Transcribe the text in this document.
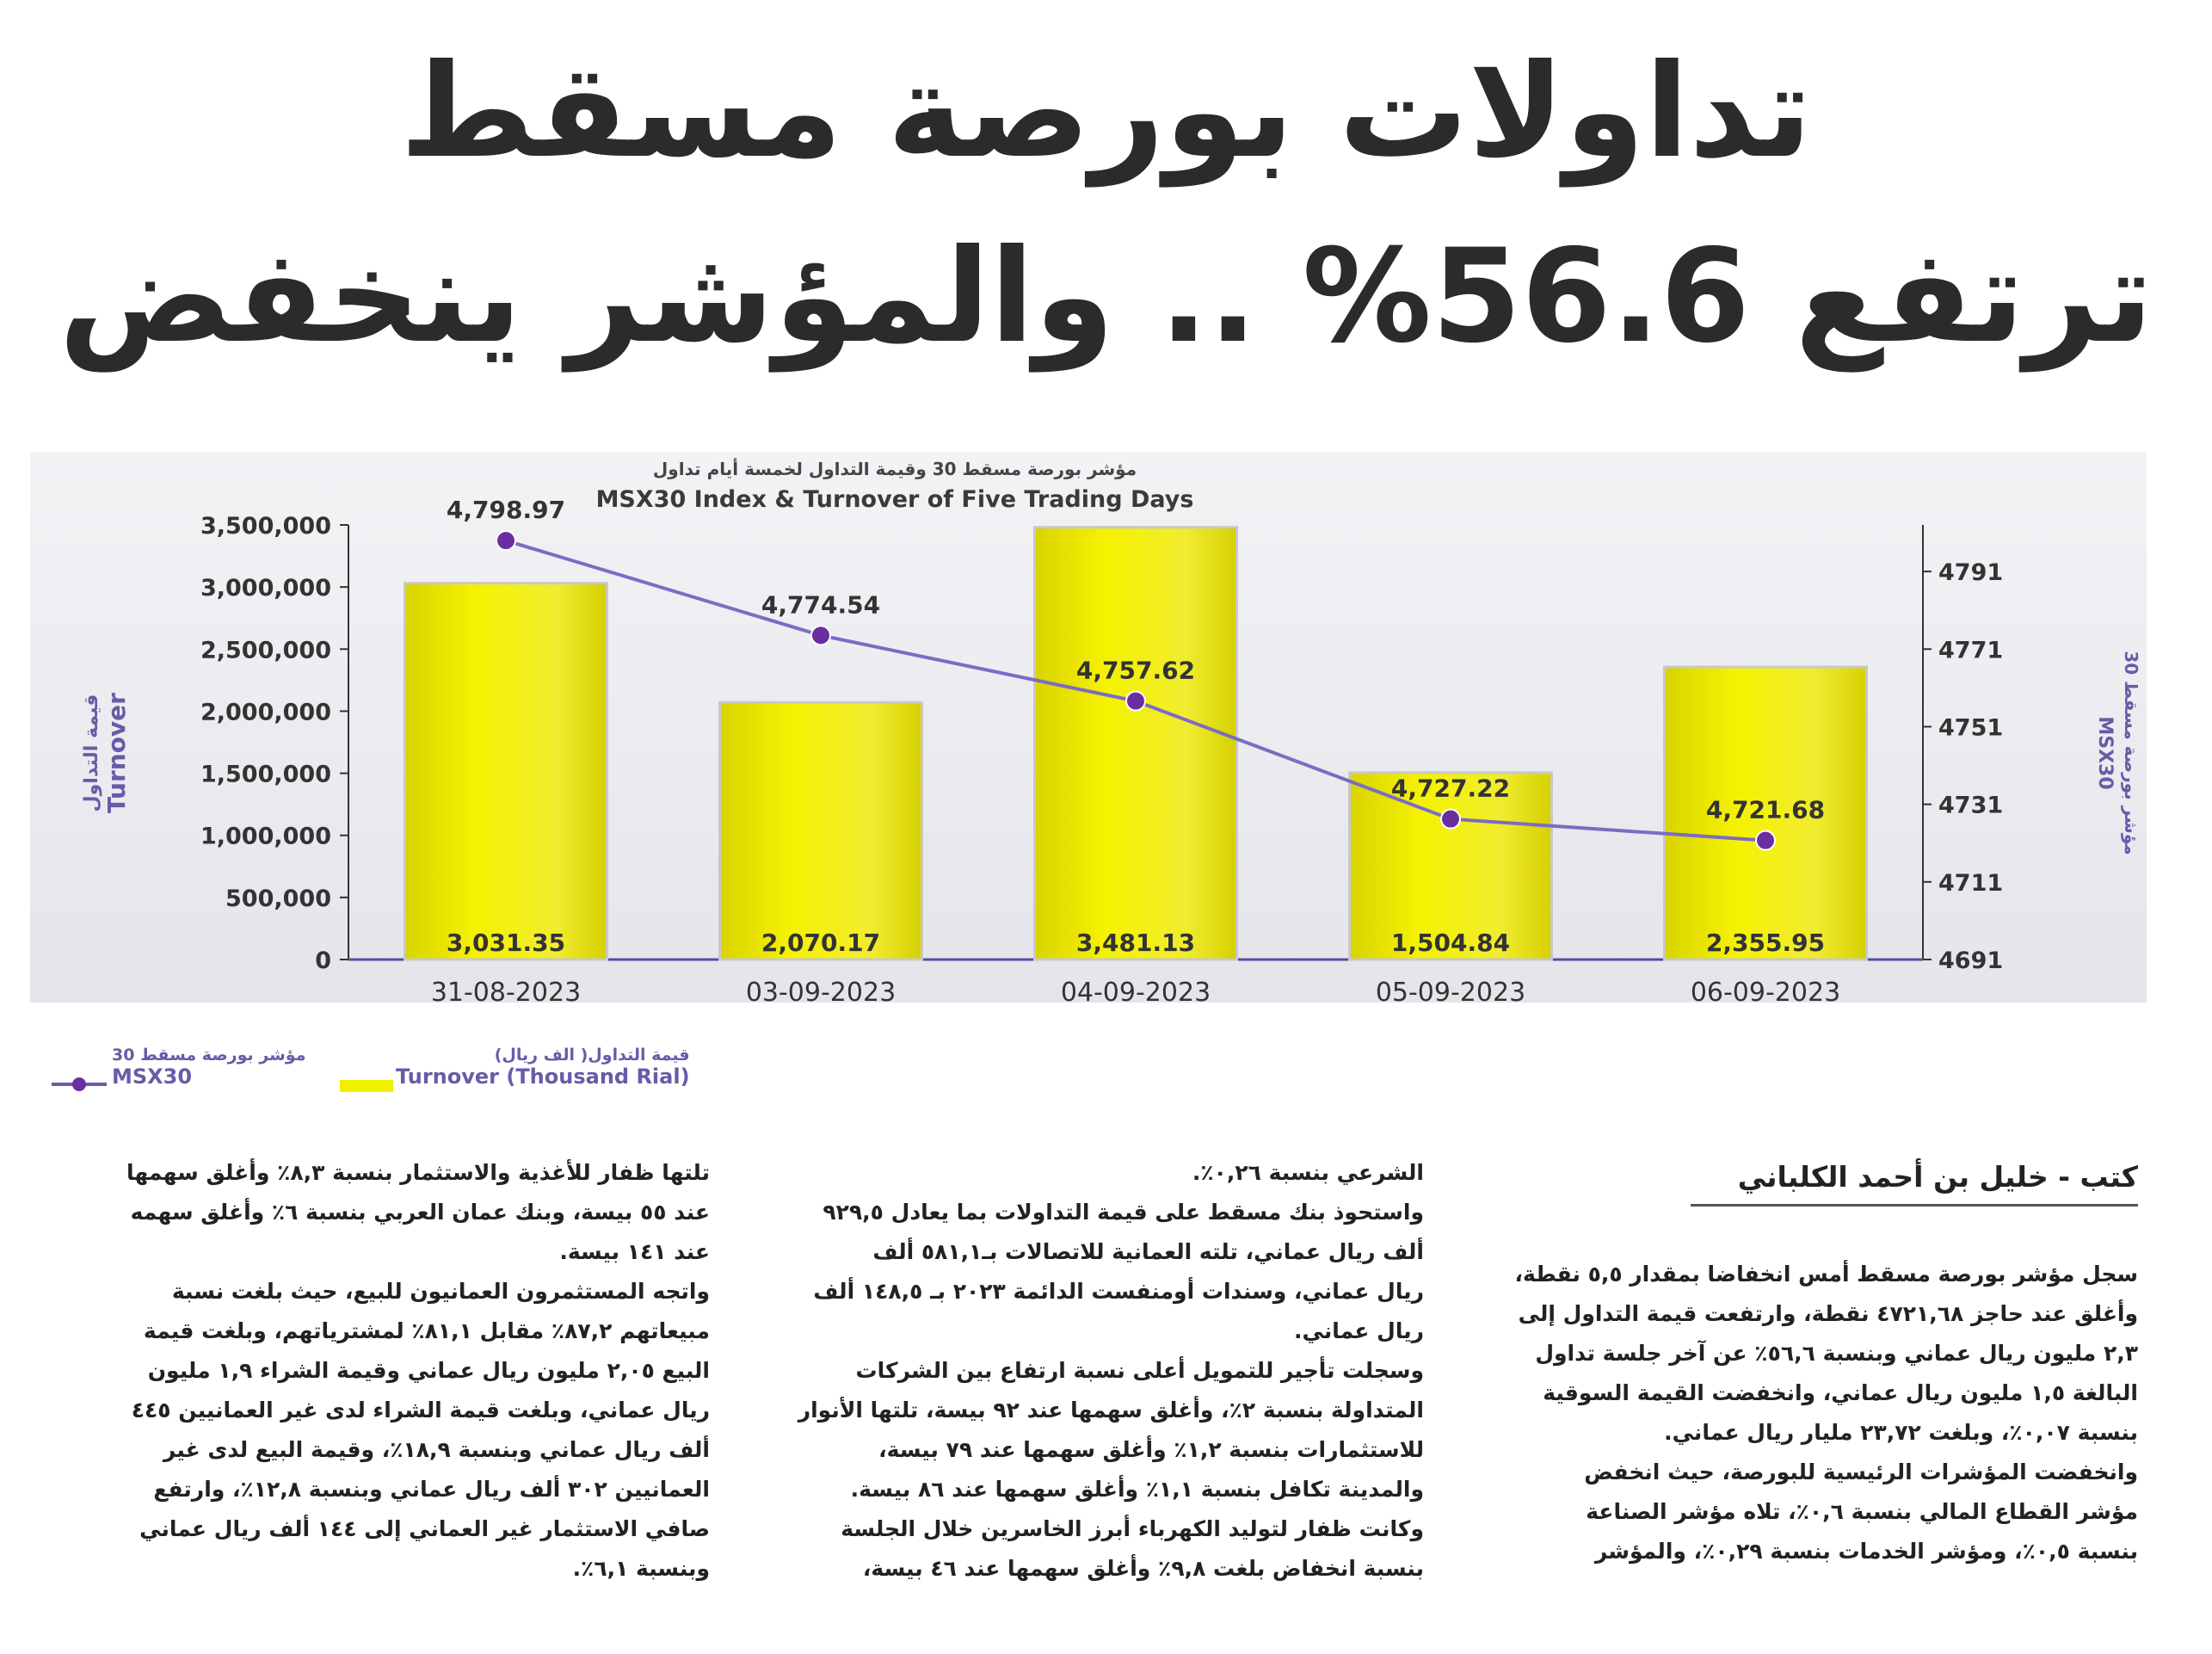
تداولات بورصة مسقط
ترتفع 56.6% .. والمؤشر ينخفض
مؤشر بورصة مسقط 30 وقيمة التداول لخمسة أيام تداول
MSX30 Index & Turnover of Five Trading Days
0
500,000
1,000,000
1,500,000
2,000,000
2,500,000
3,000,000
3,500,000
4691
4711
4731
4751
4771
4791
3,031.35
31-08-2023
2,070.17
03-09-2023
3,481.13
04-09-2023
1,504.84
05-09-2023
2,355.95
06-09-2023
4,798.97
4,774.54
4,757.62
4,727.22
4,721.68
Turnover
قيمة التداول	MSX30
مؤشر بورصة مسقط 30
مؤشر بورصة مسقط 30
MSX30
قيمة التداول( الف ريال)
Turnover (Thousand Rial)
كتب - خليل بن أحمد الكلباني

سجل مؤشر بورصة مسقط أمس انخفاضا بمقدار ٥,٥ نقطة،

وأغلق عند حاجز ٤٧٢١,٦٨ نقطة، وارتفعت قيمة التداول إلى

٢,٣ مليون ريال عماني وبنسبة ٥٦,٦٪ عن آخر جلسة تداول

البالغة ١,٥ مليون ريال عماني، وانخفضت القيمة السوقية

بنسبة ٠,٠٧٪، وبلغت ٢٣,٧٢ مليار ريال عماني.

وانخفضت المؤشرات الرئيسية للبورصة، حيث انخفض

مؤشر القطاع المالي بنسبة ٠,٦٪، تلاه مؤشر الصناعة

بنسبة ٠,٥٪، ومؤشر الخدمات بنسبة ٠,٢٩٪، والمؤشر

الشرعي بنسبة ٠,٢٦٪.

واستحوذ بنك مسقط على قيمة التداولات بما يعادل ٩٢٩,٥

ألف ريال عماني، تلته العمانية للاتصالات بـ٥٨١,١ ألف

ريال عماني، وسندات أومنفست الدائمة ٢٠٢٣ بـ ١٤٨,٥ ألف

ريال عماني.

وسجلت تأجير للتمويل أعلى نسبة ارتفاع بين الشركات

المتداولة بنسبة ٢٪، وأغلق سهمها عند ٩٢ بيسة، تلتها الأنوار

للاستثمارات بنسبة ١,٢٪ وأغلق سهمها عند ٧٩ بيسة،

والمدينة تكافل بنسبة ١,١٪ وأغلق سهمها عند ٨٦ بيسة.

وكانت ظفار لتوليد الكهرباء أبرز الخاسرين خلال الجلسة

بنسبة انخفاض بلغت ٩,٨٪ وأغلق سهمها عند ٤٦ بيسة،

تلتها ظفار للأغذية والاستثمار بنسبة ٨,٣٪ وأغلق سهمها

عند ٥٥ بيسة، وبنك عمان العربي بنسبة ٦٪ وأغلق سهمه

عند ١٤١ بيسة.

واتجه المستثمرون العمانيون للبيع، حيث بلغت نسبة

مبيعاتهم ٨٧,٢٪ مقابل ٨١,١٪ لمشترياتهم، وبلغت قيمة

البيع ٢,٠٥ مليون ريال عماني وقيمة الشراء ١,٩ مليون

ريال عماني، وبلغت قيمة الشراء لدى غير العمانيين ٤٤٥

ألف ريال عماني وبنسبة ١٨,٩٪، وقيمة البيع لدى غير

العمانيين ٣٠٢ ألف ريال عماني وبنسبة ١٢,٨٪، وارتفع

صافي الاستثمار غير العماني إلى ١٤٤ ألف ريال عماني

وبنسبة ٦,١٪.
